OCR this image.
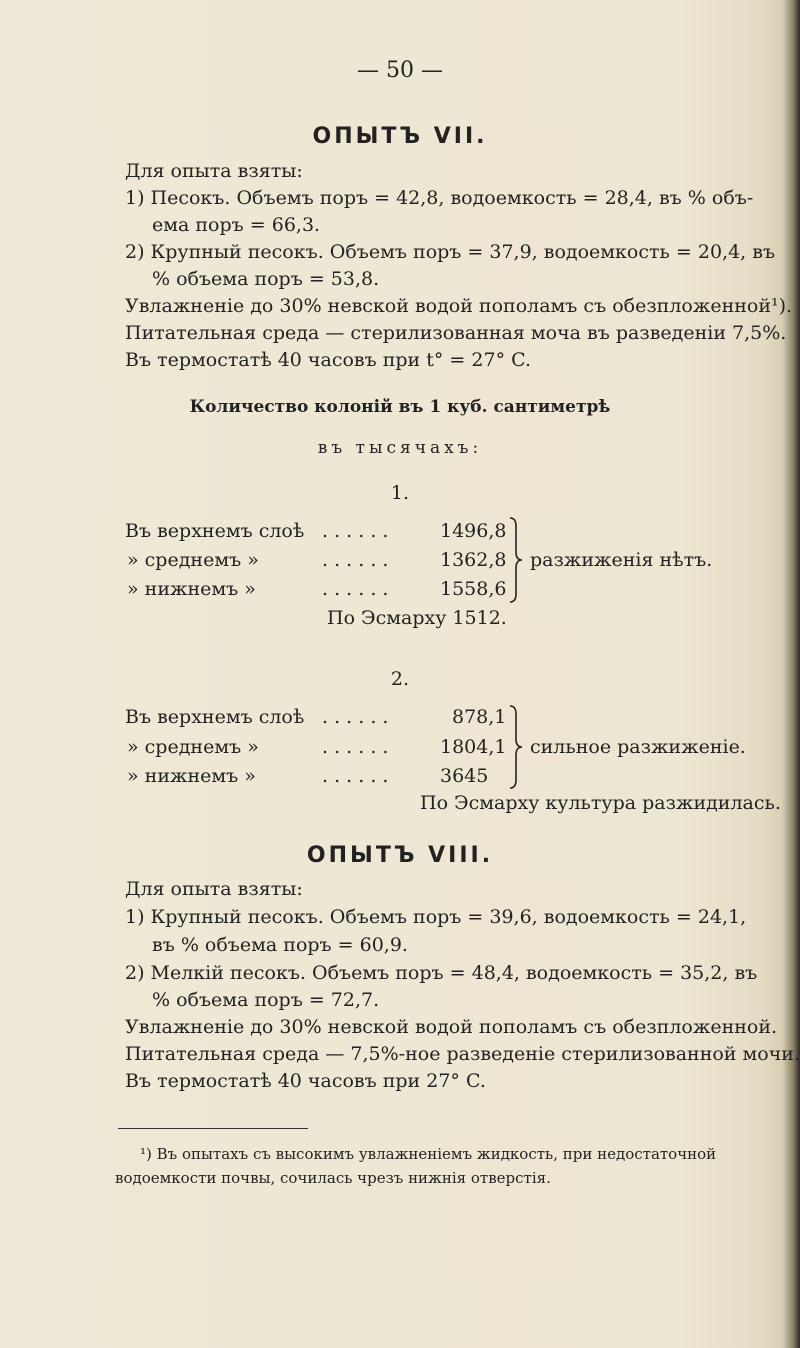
— 50 —
ОПЫТЪ VII.
Для опыта взяты:
1) Песокъ. Объемъ поръ = 42,8, водоемкость = 28,4, въ % объ-
ема поръ = 66,3.
2) Крупный песокъ. Объемъ поръ = 37,9, водоемкость = 20,4, въ
% объема поръ = 53,8.
Увлажненіе до 30% невской водой пополамъ съ обезпложенной¹).
Питательная среда — стерилизованная моча въ разведеніи 7,5%.
Въ термостатѣ 40 часовъ при t° = 27° C.
Количество колоній въ 1 куб. сантиметрѣ
въ тысячахъ:
1.
Въ верхнемъ слоѣ . . . . . .	1496,8
» среднемъ »	. . . . . .	1362,8
» нижнемъ »	. . . . . .	1558,6
разжиженія нѣтъ.
По Эсмарху 1512.
2.
Въ верхнемъ слоѣ . . . . . .	878,1
» среднемъ »	. . . . . .	1804,1
» нижнемъ »	. . . . . .	3645
сильное разжиженіе.
По Эсмарху культура разжидилась.
ОПЫТЪ VIII.
Для опыта взяты:
1) Крупный песокъ. Объемъ поръ = 39,6, водоемкость = 24,1,
въ % объема поръ = 60,9.
2) Мелкій песокъ. Объемъ поръ = 48,4, водоемкость = 35,2, въ
% объема поръ = 72,7.
Увлажненіе до 30% невской водой пополамъ съ обезпложенной.
Питательная среда — 7,5%-ное разведеніе стерилизованной мочи.
Въ термостатѣ 40 часовъ при 27° C.
¹) Въ опытахъ съ высокимъ увлажненіемъ жидкость, при недостаточной
водоемкости почвы, сочилась чрезъ нижнія отверстія.
